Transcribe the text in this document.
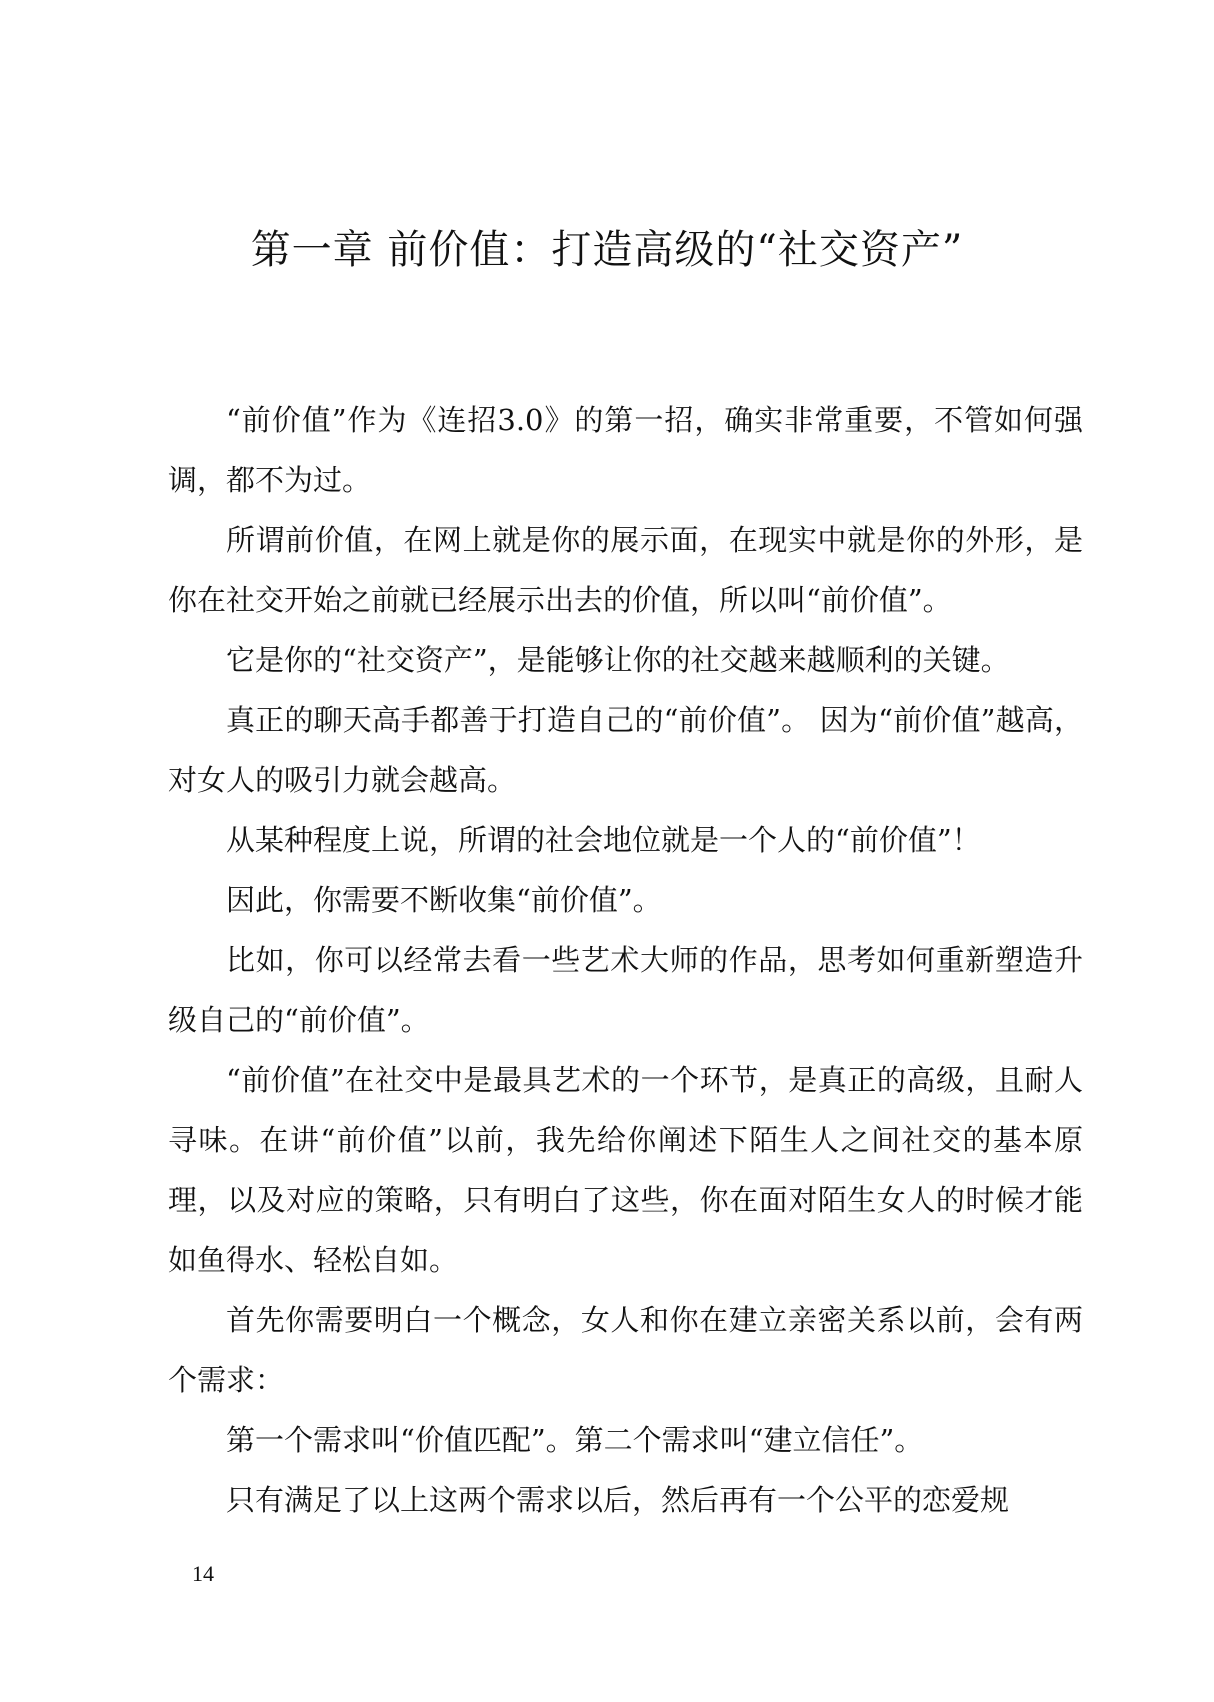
第一章 前价值：打造高级的“社交资产”

“前价值”作为《连招3.0》的第一招，确实非常重要，不管如何强调，都不为过。

所谓前价值，在网上就是你的展示面，在现实中就是你的外形，是你在社交开始之前就已经展示出去的价值，所以叫“前价值”。

它是你的“社交资产”，是能够让你的社交越来越顺利的关键。

真正的聊天高手都善于打造自己的“前价值”。 因为“前价值”越高，对女人的吸引力就会越高。

从某种程度上说，所谓的社会地位就是一个人的“前价值”！

因此，你需要不断收集“前价值”。

比如，你可以经常去看一些艺术大师的作品，思考如何重新塑造升级自己的“前价值”。

“前价值”在社交中是最具艺术的一个环节，是真正的高级，且耐人寻味。在讲“前价值”以前，我先给你阐述下陌生人之间社交的基本原理，以及对应的策略，只有明白了这些，你在面对陌生女人的时候才能如鱼得水、轻松自如。

首先你需要明白一个概念，女人和你在建立亲密关系以前，会有两个需求：

第一个需求叫“价值匹配”。第二个需求叫“建立信任”。

只有满足了以上这两个需求以后，然后再有一个公平的恋爱规

14
